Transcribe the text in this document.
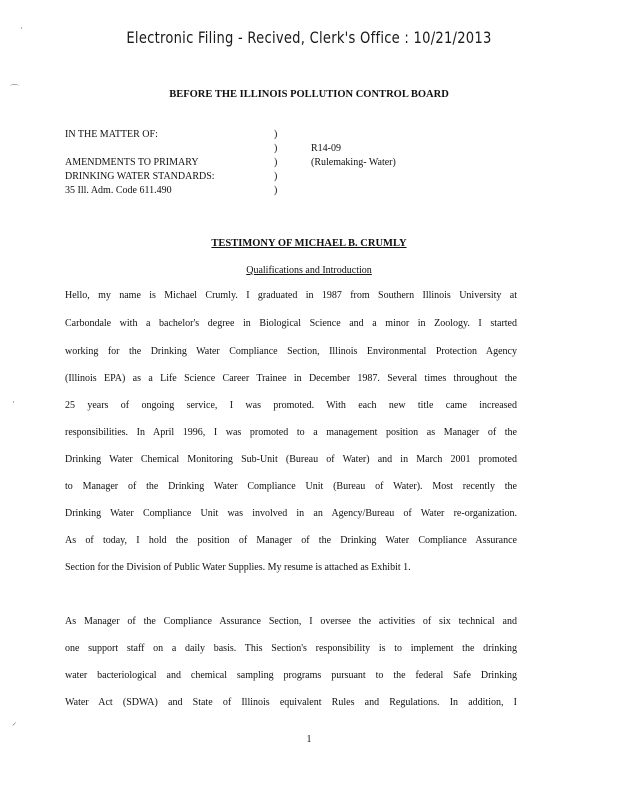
Electronic Filing - Recived, Clerk's Office : 10/21/2013
·
⌒
·
⸝
BEFORE THE ILLINOIS POLLUTION CONTROL BOARD
IN THE MATTER OF:
AMENDMENTS TO PRIMARY
DRINKING WATER STANDARDS:
35 Ill. Adm. Code 611.490
)
)
)
)
)
R14-09
(Rulemaking- Water)
TESTIMONY OF MICHAEL B. CRUMLY
Qualifications and Introduction
Hello, my name is Michael Crumly. I graduated in 1987 from Southern Illinois University at
Carbondale with a bachelor's degree in Biological Science and a minor in Zoology. I started
working for the Drinking Water Compliance Section, Illinois Environmental Protection Agency
(Illinois EPA) as a Life Science Career Trainee in December 1987. Several times throughout the
25 years of ongoing service, I was promoted. With each new title came increased
responsibilities. In April 1996, I was promoted to a management position as Manager of the
Drinking Water Chemical Monitoring Sub-Unit (Bureau of Water) and in March 2001 promoted
to Manager of the Drinking Water Compliance Unit (Bureau of Water). Most recently the
Drinking Water Compliance Unit was involved in an Agency/Bureau of Water re-organization.
As of today, I hold the position of Manager of the Drinking Water Compliance Assurance
Section for the Division of Public Water Supplies. My resume is attached as Exhibit 1.
As Manager of the Compliance Assurance Section, I oversee the activities of six technical and
one support staff on a daily basis. This Section's responsibility is to implement the drinking
water bacteriological and chemical sampling programs pursuant to the federal Safe Drinking
Water Act (SDWA) and State of Illinois equivalent Rules and Regulations. In addition, I
1
